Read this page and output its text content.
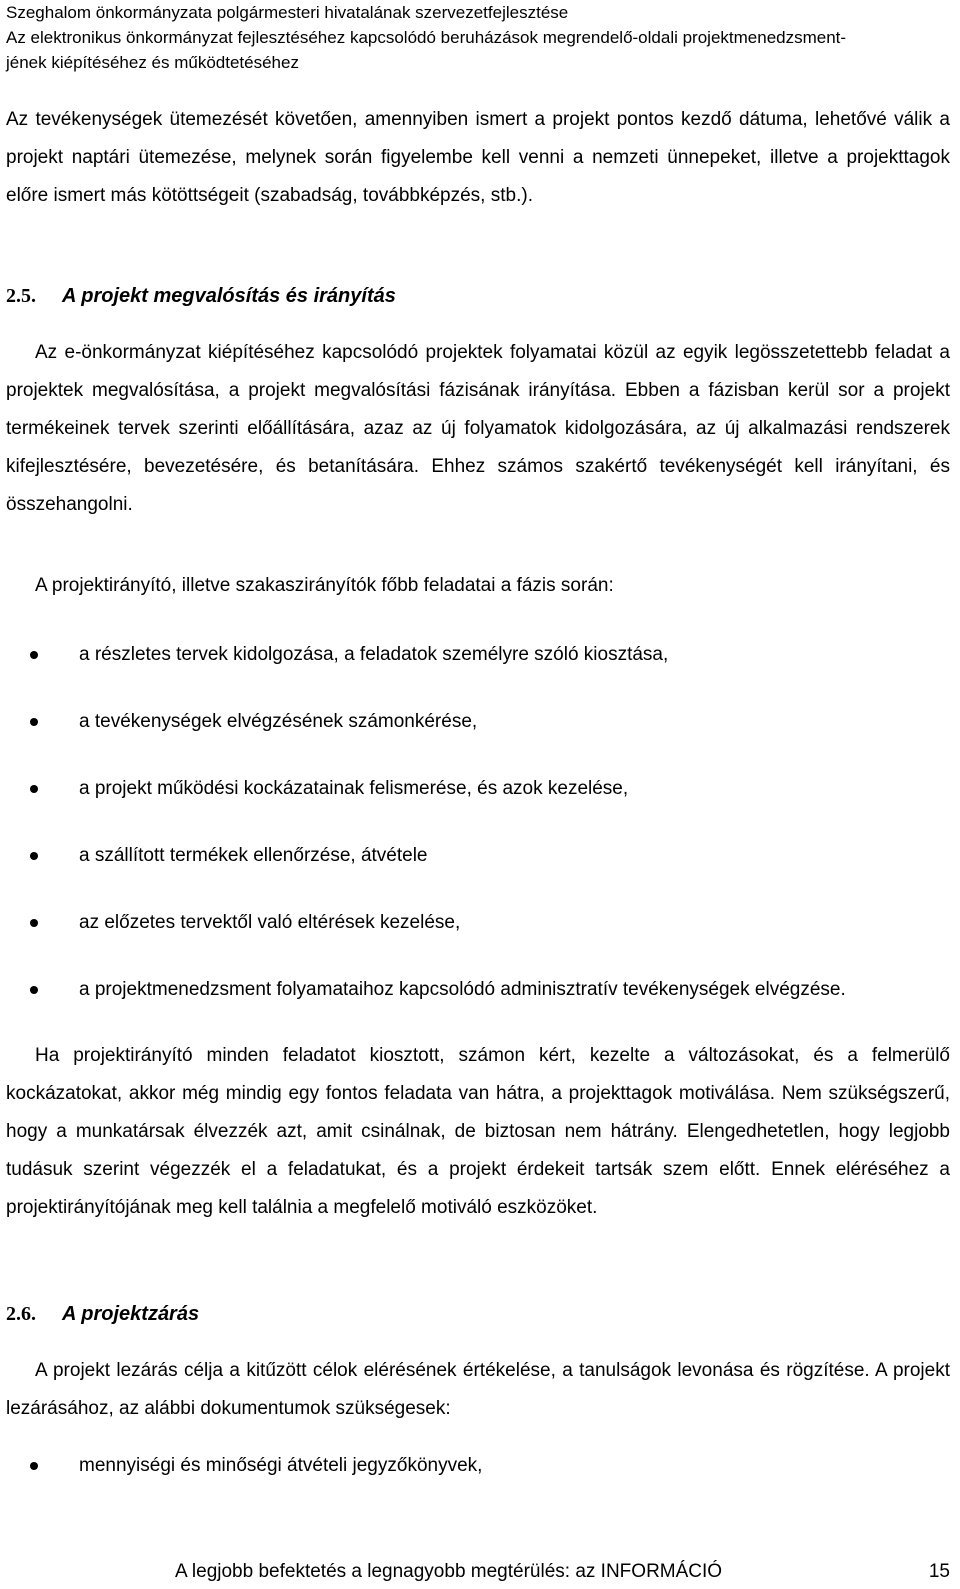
Szeghalom önkormányzata polgármesteri hivatalának szervezetfejlesztése
Az elektronikus önkormányzat fejlesztéséhez kapcsolódó beruházások megrendelő-oldali projektmenedzsment-
jének kiépítéséhez és működtetéséhez
Az tevékenységek ütemezését követően, amennyiben ismert a projekt pontos kezdő dátuma, lehetővé válik a projekt naptári ütemezése, melynek során figyelembe kell venni a nemzeti ünnepeket, illetve a projekttagok előre ismert más kötöttségeit (szabadság, továbbképzés, stb.).
2.5. A projekt megvalósítás és irányítás
Az e-önkormányzat kiépítéséhez kapcsolódó projektek folyamatai közül az egyik legösszetettebb feladat a projektek megvalósítása, a projekt megvalósítási fázisának irányítása. Ebben a fázisban kerül sor a projekt termékeinek tervek szerinti előállítására, azaz az új folyamatok kidolgozására, az új alkalmazási rendszerek kifejlesztésére, bevezetésére, és betanítására. Ehhez számos szakértő tevékenységét kell irányítani, és összehangolni.
A projektirányító, illetve szakaszirányítók főbb feladatai a fázis során:
a részletes tervek kidolgozása, a feladatok személyre szóló kiosztása,
a tevékenységek elvégzésének számonkérése,
a projekt működési kockázatainak felismerése, és azok kezelése,
a szállított termékek ellenőrzése, átvétele
az előzetes tervektől való eltérések kezelése,
a projektmenedzsment folyamataihoz kapcsolódó adminisztratív tevékenységek elvégzése.
Ha projektirányító minden feladatot kiosztott, számon kért, kezelte a változásokat, és a felmerülő kockázatokat, akkor még mindig egy fontos feladata van hátra, a projekttagok motiválása. Nem szükségszerű, hogy a munkatársak élvezzék azt, amit csinálnak, de biztosan nem hátrány. Elengedhetetlen, hogy legjobb tudásuk szerint végezzék el a feladatukat, és a projekt érdekeit tartsák szem előtt. Ennek eléréséhez a projektirányítójának meg kell találnia a megfelelő motiváló eszközöket.
2.6. A projektzárás
A projekt lezárás célja a kitűzött célok elérésének értékelése, a tanulságok levonása és rögzítése. A projekt lezárásához, az alábbi dokumentumok szükségesek:
mennyiségi és minőségi átvételi jegyzőkönyvek,
A legjobb befektetés a legnagyobb megtérülés: az INFORMÁCIÓ	15
